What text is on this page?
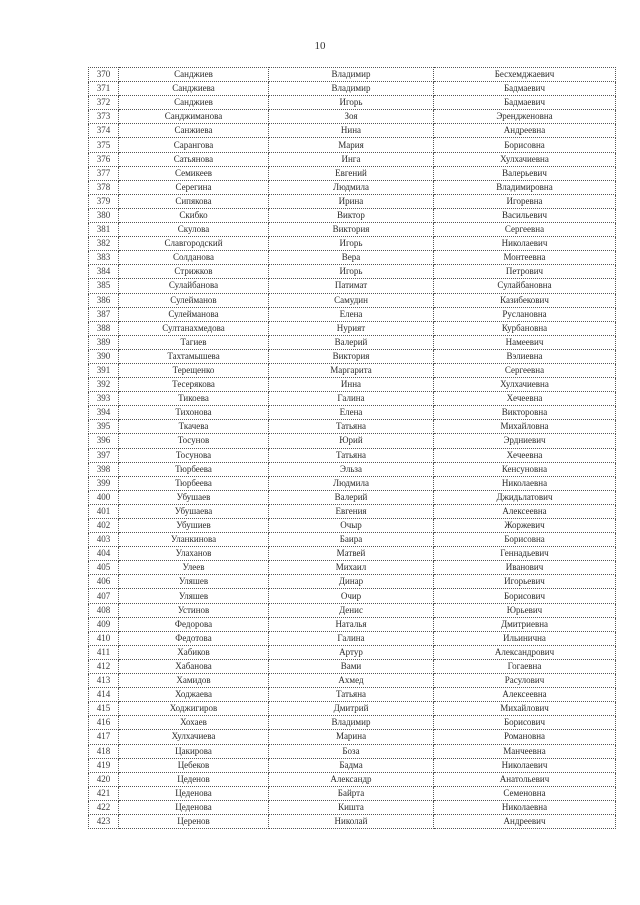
10
370	Санджиев	Владимир	Бесхемджаевич
371	Санджиева	Владимир	Бадмаевич
372	Санджиев	Игорь	Бадмаевич
373	Санджиманова	Зоя	Эрендженовна
374	Санжиева	Нина	Андреевна
375	Сарангова	Мария	Борисовна
376	Сатьянова	Инга	Хулхачиевна
377	Семикеев	Евгений	Валерьевич
378	Серегина	Людмила	Владимировна
379	Сипякова	Ирина	Игоревна
380	Скибко	Виктор	Васильевич
381	Скулова	Виктория	Сергеевна
382	Славгородский	Игорь	Николаевич
383	Солданова	Вера	Монтеевна
384	Стрижков	Игорь	Петрович
385	Сулайбанова	Патимат	Сулайбановна
386	Сулейманов	Самудин	Казибекович
387	Сулейманова	Елена	Руслановна
388	Султанахмедова	Нурият	Курбановна
389	Тагиев	Валерий	Намеевич
390	Тахтамышева	Виктория	Вэлиевна
391	Терещенко	Маргарита	Сергеевна
392	Тесерякова	Инна	Хулхачиевна
393	Тикоева	Галина	Хечеевна
394	Тихонова	Елена	Викторовна
395	Ткачева	Татьяна	Михайловна
396	Тосунов	Юрий	Эрдниевич
397	Тосунова	Татьяна	Хечеевна
398	Тюрбеева	Эльза	Кенсуновна
399	Тюрбеева	Людмила	Николаевна
400	Убушаев	Валерий	Джидьлатович
401	Убушаева	Евгения	Алексеевна
402	Убушиев	Очыр	Жоржевич
403	Уланкинова	Баира	Борисовна
404	Улаханов	Матвей	Геннадьевич
405	Улеев	Михаил	Иванович
406	Уляшев	Динар	Игорьевич
407	Уляшев	Очир	Борисович
408	Устинов	Денис	Юрьевич
409	Федорова	Наталья	Дмитриевна
410	Федотова	Галина	Ильинична
411	Хабиков	Артур	Александрович
412	Хабанова	Вами	Гогаевна
413	Хамидов	Ахмед	Расулович
414	Ходжаева	Татьяна	Алексеевна
415	Ходжигиров	Дмитрий	Михайлович
416	Хохаев	Владимир	Борисович
417	Хулхачиева	Марина	Романовна
418	Цакирова	Боза	Манчеевна
419	Цебеков	Бадма	Николаевич
420	Цеденов	Александр	Анатольевич
421	Цеденова	Байрта	Семеновна
422	Цеденова	Кишта	Николаевна
423	Церенов	Николай	Андреевич
